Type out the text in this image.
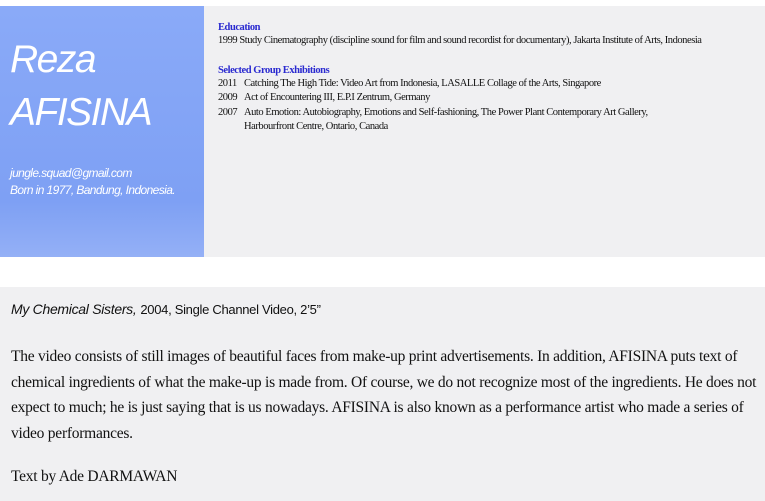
Reza
AFISINA
jungle.squad@gmail.com
Born in 1977, Bandung, Indonesia.
Education
1999 Study Cinematography (discipline sound for film and sound recordist for documentary), Jakarta Institute of Arts, Indonesia
Selected Group Exhibitions
2011 Catching The High Tide: Video Art from Indonesia, LASALLE Collage of the Arts, Singapore
2009 Act of Encountering III, E.P.I Zentrum, Germany
2007 Auto Emotion: Autobiography, Emotions and Self-fashioning, The Power Plant Contemporary Art Gallery,
Harbourfront Centre, Ontario, Canada
My Chemical Sisters, 2004, Single Channel Video, 2’5”

The video consists of still images of beautiful faces from make-up print advertisements. In addition, AFISINA puts text of chemical ingredients of what the make-up is made from. Of course, we do not recognize most of the ingredients. He does not expect to much; he is just saying that is us nowadays. AFISINA is also known as a performance artist who made a series of video performances.

Text by Ade DARMAWAN
